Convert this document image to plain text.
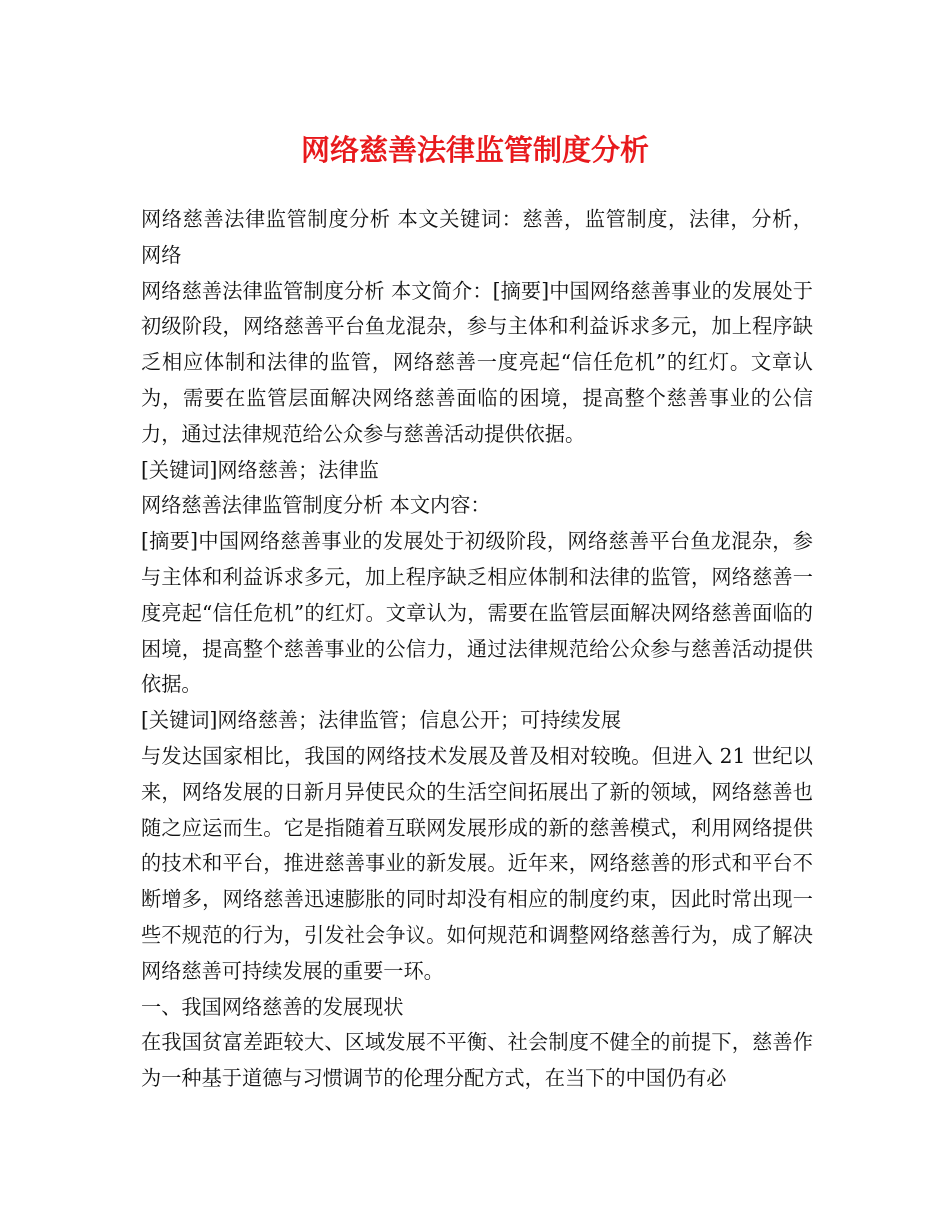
网络慈善法律监管制度分析

网络慈善法律监管制度分析 本文关键词：慈善，监管制度，法律，分析，网络

网络慈善法律监管制度分析 本文简介：[摘要]中国网络慈善事业的发展处于初级阶段，网络慈善平台鱼龙混杂，参与主体和利益诉求多元，加上程序缺乏相应体制和法律的监管，网络慈善一度亮起“信任危机”的红灯。文章认为，需要在监管层面解决网络慈善面临的困境，提高整个慈善事业的公信力，通过法律规范给公众参与慈善活动提供依据。

[关键词]网络慈善；法律监

网络慈善法律监管制度分析 本文内容：

[摘要]中国网络慈善事业的发展处于初级阶段，网络慈善平台鱼龙混杂，参与主体和利益诉求多元，加上程序缺乏相应体制和法律的监管，网络慈善一度亮起“信任危机”的红灯。文章认为，需要在监管层面解决网络慈善面临的困境，提高整个慈善事业的公信力，通过法律规范给公众参与慈善活动提供依据。

[关键词]网络慈善；法律监管；信息公开；可持续发展

与发达国家相比，我国的网络技术发展及普及相对较晚。但进入 21 世纪以来，网络发展的日新月异使民众的生活空间拓展出了新的领域，网络慈善也随之应运而生。它是指随着互联网发展形成的新的慈善模式，利用网络提供的技术和平台，推进慈善事业的新发展。近年来，网络慈善的形式和平台不断增多，网络慈善迅速膨胀的同时却没有相应的制度约束，因此时常出现一些不规范的行为，引发社会争议。如何规范和调整网络慈善行为，成了解决网络慈善可持续发展的重要一环。

一、我国网络慈善的发展现状

在我国贫富差距较大、区域发展不平衡、社会制度不健全的前提下，慈善作为一种基于道德与习惯调节的伦理分配方式，在当下的中国仍有必
